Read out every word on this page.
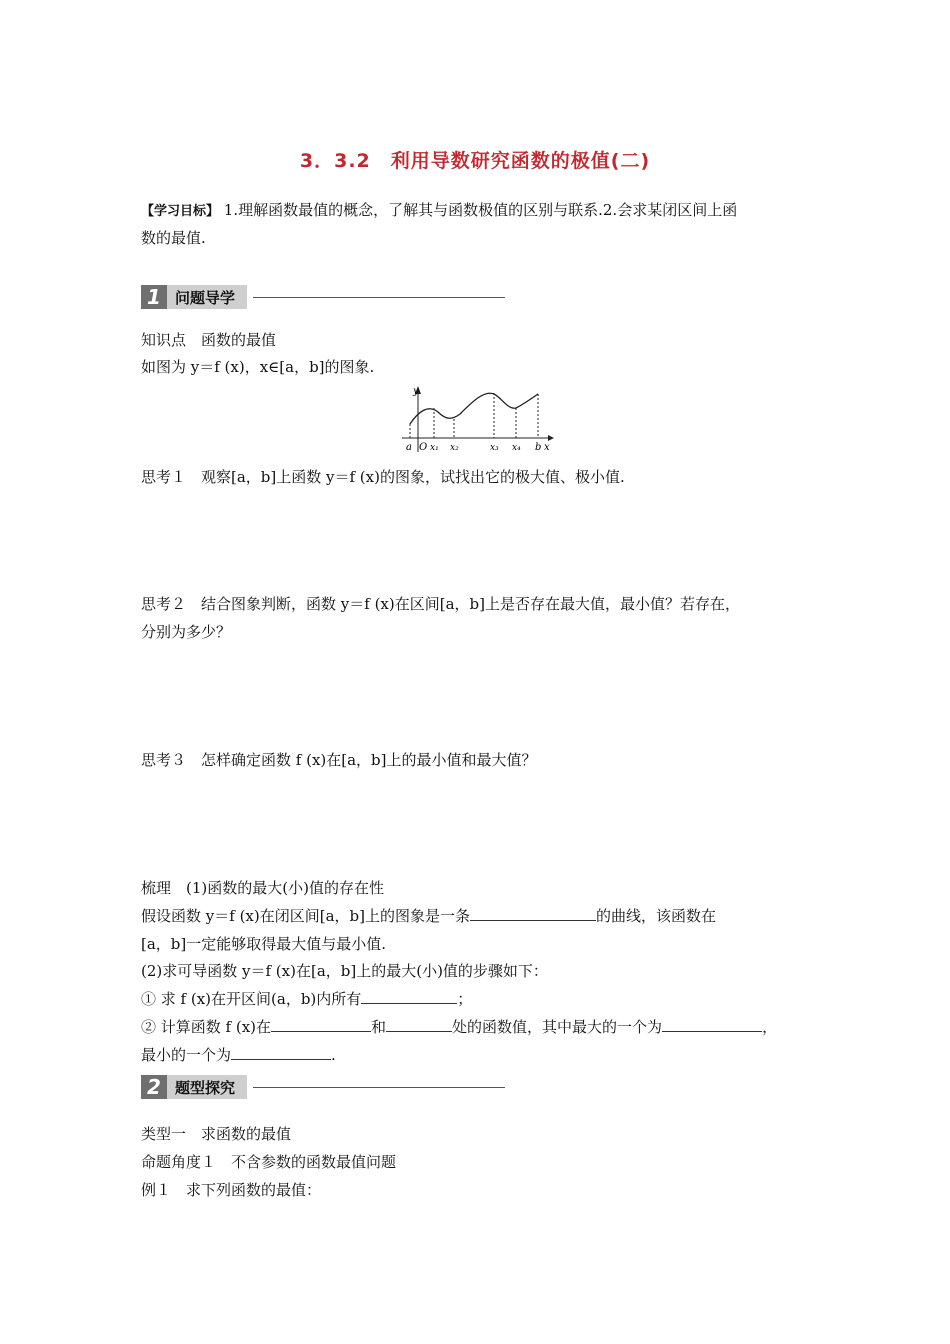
3．3.2　利用导数研究函数的极值(二)
【学习目标】 1.理解函数最值的概念，了解其与函数极值的区别与联系.2.会求某闭区间上函
数的最值.
1 问题导学
知识点　函数的最值
如图为 y＝f (x)，x∈[a，b]的图象.
y
x
a O x₁ x₂	x₃ x₄ b
思考１　观察[a，b]上函数 y＝f (x)的图象，试找出它的极大值、极小值.
思考２　结合图象判断，函数 y＝f (x)在区间[a，b]上是否存在最大值，最小值？若存在，
分别为多少？
思考３　怎样确定函数 f (x)在[a，b]上的最小值和最大值？
梳理　(1)函数的最大(小)值的存在性
假设函数 y＝f (x)在闭区间[a，b]上的图象是一条	的曲线，该函数在
[a，b]一定能够取得最大值与最小值.
(2)求可导函数 y＝f (x)在[a，b]上的最大(小)值的步骤如下：
① 求 f (x)在开区间(a，b)内所有	；
② 计算函数 f (x)在	和	处的函数值，其中最大的一个为	，
最小的一个为	.
2 题型探究
类型一　求函数的最值
命题角度１　不含参数的函数最值问题
例１　求下列函数的最值：
